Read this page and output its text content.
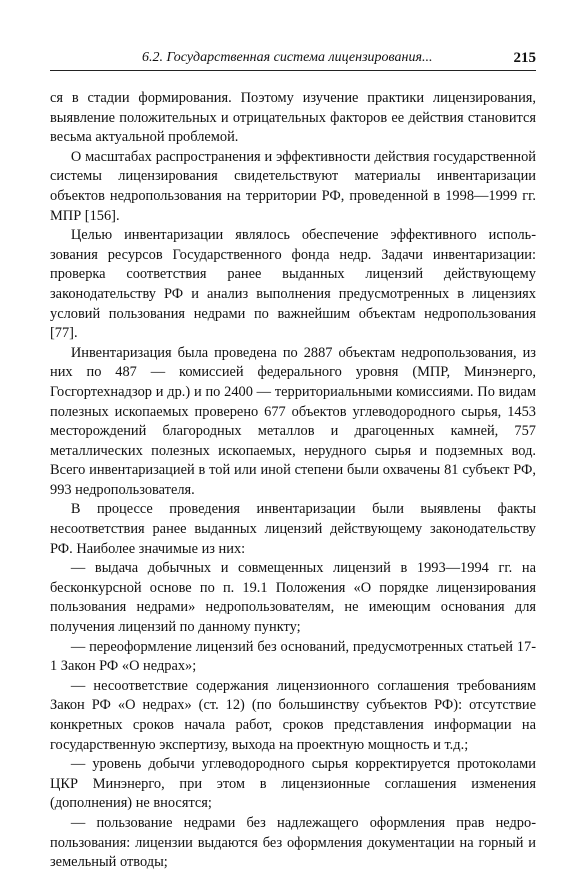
6.2. Государственная система лицензирования...	215

ся в стадии формирования. Поэтому изучение практики лицензирования, выявление положительных и отрицательных факторов ее действия становится весьма актуальной проблемой.

О масштабах распространения и эффективности действия государственной системы лицензирования свидетельствуют материалы инвентаризации объектов недропользования на территории РФ, проведенной в 1998—1999 гг. МПР [156].

Целью инвентаризации являлось обеспечение эффективного использования ресурсов Государственного фонда недр. Задачи инвентаризaции: проверка соответствия ранее выданных лицензий действующему законодательству РФ и анализ выполнения предусмотренных в лицензиях условий пользования недрами по важнейшим объектам недропользования [77].

Инвентаризация была проведена по 2887 объектам недропользования, из них по 487 — комиссией федерального уровня (МПР, Минэнерго, Госгортехнадзор и др.) и по 2400 — территориальными комиссиями. По видам полезных ископаемых проверено 677 объектов углеводородного сырья, 1453 месторождений благородных металлов и драгоценных камней, 757 металлических полезных ископаемых, нерудного сырья и подземных вод. Всего инвентаризацией в той или иной степени были охвачены 81 субъект РФ, 993 недропользователя.

В процессе проведения инвентаризации были выявлены факты несоответствия ранее выданных лицензий действующему законодательству РФ. Наиболее значимые из них:

— выдача добычных и совмещенных лицензий в 1993—1994 гг. на бесконкурсной основе по п. 19.1 Положения «О порядке лицензирования пользования недрами» недропользователям, не имеющим основания для получения лицензий по данному пункту;

— переоформление лицензий без оснований, предусмотренных статьей 17-1 Закон РФ «О недрах»;

— несоответствие содержания лицензионного соглашения требованиям Закон РФ «О недрах» (ст. 12) (по большинству субъектов РФ): отсутствие конкретных сроков начала работ, сроков представления информации на государственную экспертизу, выхода на проектную мощность и т.д.;

— уровень добычи углеводородного сырья корректируется протоколами ЦКР Минэнерго, при этом в лицензионные соглашения изменения (дополнения) не вносятся;

— пользование недрами без надлежащего оформления прав недропользования: лицензии выдаются без оформления документации на горный и земельный отводы;
